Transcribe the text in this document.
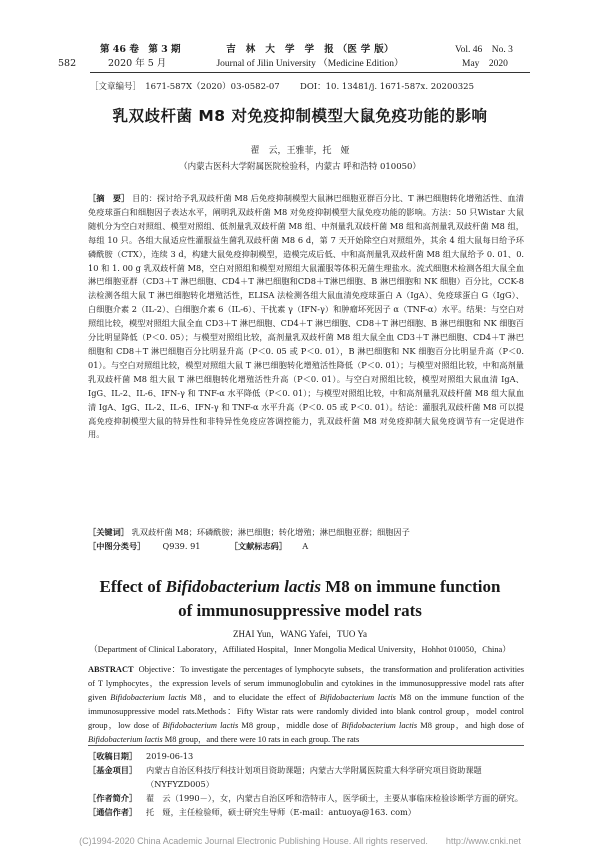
582
第 46 卷　第 3 期
2020 年 5 月
吉　林　大　学　学　报 （医 学 版）
Journal of Jilin University （Medicine Edition）
Vol. 46　No. 3
May　2020
［文章编号］　1671-587Ⅹ（2020）03-0582-07 DOI：10. 13481/j. 1671-587x. 20200325
乳双歧杆菌 M8 对免疫抑制模型大鼠免疫功能的影响
翟　云，王雅菲，托　娅
（内蒙古医科大学附属医院检验科，内蒙古 呼和浩特 010050）
［摘　要］ 目的：探讨给予乳双歧杆菌 M8 后免疫抑制模型大鼠淋巴细胞亚群百分比、T 淋巴细胞转化增殖活性、血清免疫球蛋白和细胞因子表达水平，阐明乳双歧杆菌 M8 对免疫抑制模型大鼠免疫功能的影响。方法：50 只Wistar 大鼠随机分为空白对照组、模型对照组、低剂量乳双歧杆菌 M8 组、中剂量乳双歧杆菌 M8 组和高剂量乳双歧杆菌 M8 组，每组 10 只。各组大鼠适应性灌服益生菌乳双歧杆菌 M8 6 d，第 7 天开始除空白对照组外，其余 4 组大鼠每日给予环磷酰胺（CTX），连续 3 d，构建大鼠免疫抑制模型，造模完成后低、中和高剂量乳双歧杆菌 M8 组大鼠给予 0. 01、0. 10 和 1. 00 g 乳双歧杆菌 M8，空白对照组和模型对照组大鼠灌服等体积无菌生理盐水。流式细胞术检测各组大鼠全血淋巴细胞亚群（CD3＋T 淋巴细胞、CD4＋T 淋巴细胞和CD8＋T淋巴细胞、B 淋巴细胞和 NK 细胞）百分比，CCK-8 法检测各组大鼠 T 淋巴细胞转化增殖活性，ELISA 法检测各组大鼠血清免疫球蛋白 A（IgA）、免疫球蛋白 G（IgG）、白细胞介素 2（IL-2）、白细胞介素 6（IL-6）、干扰素 γ（IFN-γ）和肿瘤坏死因子 α（TNF-α）水平。结果：与空白对照组比较，模型对照组大鼠全血 CD3＋T 淋巴细胞、CD4＋T 淋巴细胞、CD8＋T 淋巴细胞、B 淋巴细胞和 NK 细胞百分比明显降低（P＜0. 05）；与模型对照组比较，高剂量乳双歧杆菌 M8 组大鼠全血 CD3＋T 淋巴细胞、CD4＋T 淋巴细胞和 CD8＋T 淋巴细胞百分比明显升高（P＜0. 05 或 P＜0. 01），B 淋巴细胞和 NK 细胞百分比明显升高（P＜0. 01）。与空白对照组比较，模型对照组大鼠 T 淋巴细胞转化增殖活性降低（P＜0. 01）；与模型对照组比较，中和高剂量乳双歧杆菌 M8 组大鼠 T 淋巴细胞转化增殖活性升高（P＜0. 01）。与空白对照组比较，模型对照组大鼠血清 IgA、IgG、IL-2、IL-6、IFN-γ 和 TNF-α 水平降低（P＜0. 01）；与模型对照组比较，中和高剂量乳双歧杆菌 M8 组大鼠血清 IgA、IgG、IL-2、IL-6、IFN-γ 和 TNF-α 水平升高（P＜0. 05 或 P＜0. 01）。结论：灌服乳双歧杆菌 M8 可以提高免疫抑制模型大鼠的特异性和非特异性免疫应答调控能力，乳双歧杆菌 M8 对免疫抑制大鼠免疫调节有一定促进作用。
［关键词］ 乳双歧杆菌 M8；环磷酰胺；淋巴细胞；转化增殖；淋巴细胞亚群；细胞因子
［中图分类号］ Q939. 91	［文献标志码］ A
Effect of Bifidobacterium lactis M8 on immune function
of immunosuppressive model rats
ZHAI Yun，WANG Yafei，TUO Ya
（Department of Clinical Laboratory，Affiliated Hospital，Inner Mongolia Medical University，Hohhot 010050，China）
ABSTRACT Objective：To investigate the percentages of lymphocyte subsets，the transformation and proliferation activities of T lymphocytes，the expression levels of serum immunoglobulin and cytokines in the immunosuppressive model rats after given Bifidobacterium lactis M8，and to elucidate the effect of Bifidobacterium lactis M8 on the immune function of the immunosuppressive model rats.Methods：Fifty Wistar rats were randomly divided into blank control group，model control group，low dose of Bifidobacterium lactis M8 group，middle dose of Bifidobacterium lactis M8 group，and high dose of Bifidobacterium lactis M8 group，and there were 10 rats in each group. The rats
［收稿日期］	2019-06-13
［基金项目］	内蒙古自治区科技厅科技计划项目资助课题；内蒙古大学附属医院重大科学研究项目资助课题（NYFYZD005）
［作者简介］	翟　云（1990－），女，内蒙古自治区呼和浩特市人，医学硕士，主要从事临床检验诊断学方面的研究。
［通信作者］	托　娅，主任检验师，硕士研究生导师（E-mail：antuoya@163. com）
(C)1994-2020 China Academic Journal Electronic Publishing House. All rights reserved.　　http://www.cnki.net
